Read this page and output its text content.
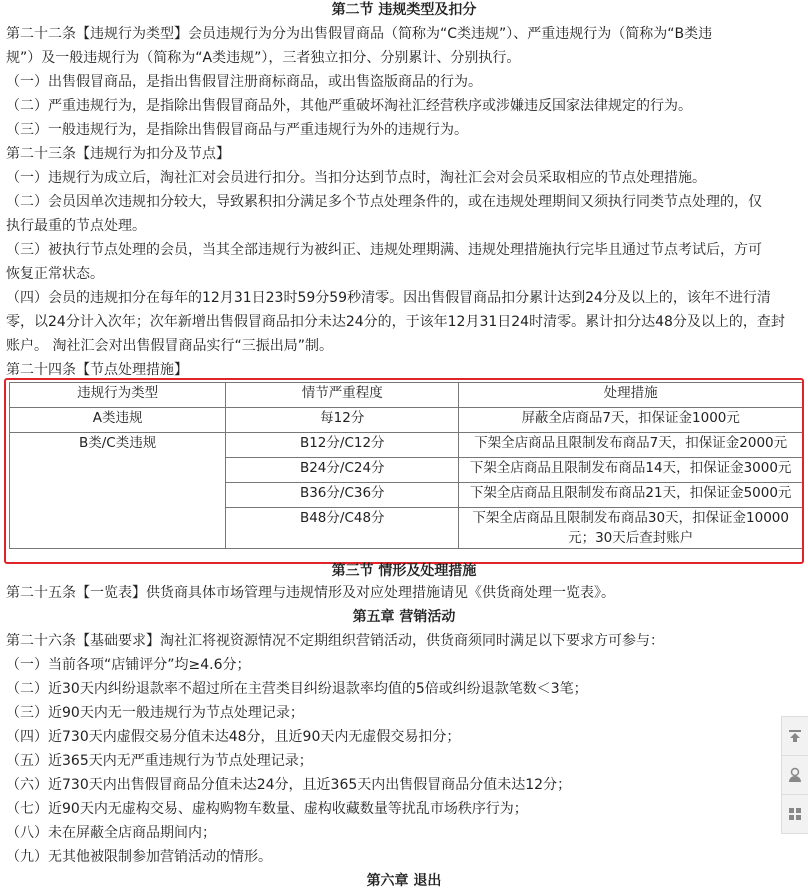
第二节 违规类型及扣分
第二十二条【违规行为类型】会员违规行为分为出售假冒商品（简称为“C类违规”）、严重违规行为（简称为“B类违
规”）及一般违规行为（简称为“A类违规”），三者独立扣分、分别累计、分别执行。
（一）出售假冒商品，是指出售假冒注册商标商品，或出售盗版商品的行为。
（二）严重违规行为，是指除出售假冒商品外，其他严重破坏淘社汇经营秩序或涉嫌违反国家法律规定的行为。
（三）一般违规行为，是指除出售假冒商品与严重违规行为外的违规行为。
第二十三条【违规行为扣分及节点】
（一）违规行为成立后，淘社汇对会员进行扣分。当扣分达到节点时，淘社汇会对会员采取相应的节点处理措施。
（二）会员因单次违规扣分较大，导致累积扣分满足多个节点处理条件的，或在违规处理期间又须执行同类节点处理的，仅
执行最重的节点处理。
（三）被执行节点处理的会员，当其全部违规行为被纠正、违规处理期满、违规处理措施执行完毕且通过节点考试后，方可
恢复正常状态。
（四）会员的违规扣分在每年的12月31日23时59分59秒清零。因出售假冒商品扣分累计达到24分及以上的，该年不进行清
零，以24分计入次年；次年新增出售假冒商品扣分未达24分的，于该年12月31日24时清零。累计扣分达48分及以上的，查封
账户。 淘社汇会对出售假冒商品实行“三振出局”制。
第二十四条【节点处理措施】
违规行为类型	情节严重程度	处理措施
A类违规	每12分	屏蔽全店商品7天，扣保证金1000元
B类/C类违规	B12分/C12分	下架全店商品且限制发布商品7天，扣保证金2000元
	B24分/C24分	下架全店商品且限制发布商品14天，扣保证金3000元
	B36分/C36分	下架全店商品且限制发布商品21天，扣保证金5000元
	B48分/C48分	下架全店商品且限制发布商品30天，扣保证金10000
元；30天后查封账户
第三节 情形及处理措施
第二十五条【一览表】供货商具体市场管理与违规情形及对应处理措施请见《供货商处理一览表》。
第五章 营销活动
第二十六条【基础要求】淘社汇将视资源情况不定期组织营销活动，供货商须同时满足以下要求方可参与：
（一）当前各项“店铺评分”均≥4.6分；
（二）近30天内纠纷退款率不超过所在主营类目纠纷退款率均值的5倍或纠纷退款笔数＜3笔；
（三）近90天内无一般违规行为节点处理记录；
（四）近730天内虚假交易分值未达48分，且近90天内无虚假交易扣分；
（五）近365天内无严重违规行为节点处理记录；
（六）近730天内出售假冒商品分值未达24分，且近365天内出售假冒商品分值未达12分；
（七）近90天内无虚构交易、虚构购物车数量、虚构收藏数量等扰乱市场秩序行为；
（八）未在屏蔽全店商品期间内；
（九）无其他被限制参加营销活动的情形。
第六章 退出
